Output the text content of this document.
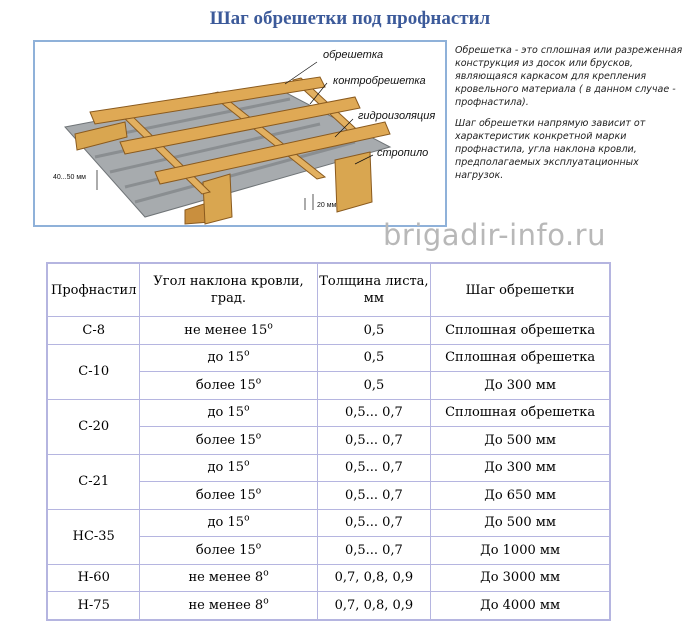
Шаг обрешетки под профнастил
обрешетка
контробрешетка
гидроизоляция
стропило
40...50 мм
20 мм

Обрешетка - это сплошная или разреженная конструкция из досок или брусков, являющаяся каркасом для крепления кровельного материала ( в данном случае - профнастила).

Шаг обрешетки напрямую зависит от характеристик конкретной марки профнастила, угла наклона кровли, предполагаемых эксплуатационных нагрузок.

brigadir-info.ru
Профнастил	Угол наклона кровли, град.	Толщина листа, мм	Шаг обрешетки
С-8	не менее 15$^o$	0,5	Сплошная обрешетка
С-10	до 15$^o$	0,5	Сплошная обрешетка
	более 15$^o$	0,5	До 300 мм
С-20	до 15$^o$	0,5... 0,7	Сплошная обрешетка
	более 15$^o$	0,5... 0,7	До 500 мм
С-21	до 15$^o$	0,5... 0,7	До 300 мм
	более 15$^o$	0,5... 0,7	До 650 мм
НС-35	до 15$^o$	0,5... 0,7	До 500 мм
	более 15$^o$	0,5... 0,7	До 1000 мм
Н-60	не менее 8$^o$	0,7, 0,8, 0,9	До 3000 мм
Н-75	не менее 8$^o$	0,7, 0,8, 0,9	До 4000 мм
